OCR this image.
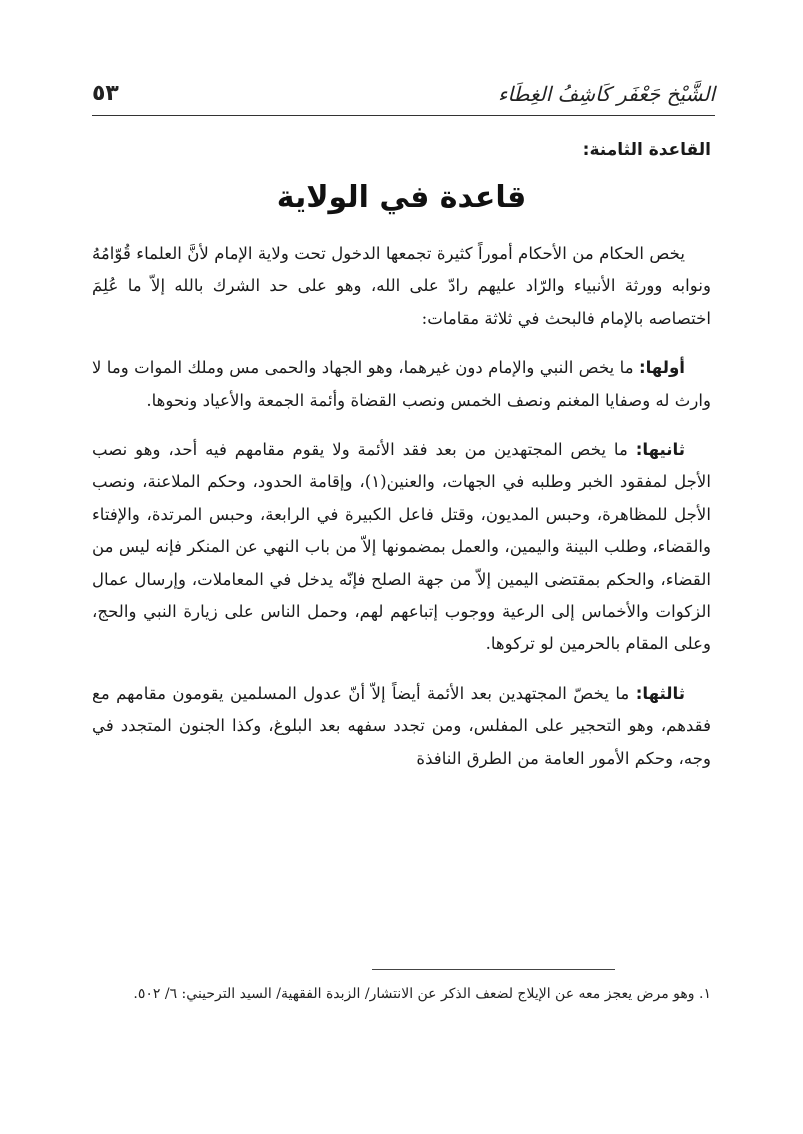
الشَّيْخ جَعْفَر كَاشِفُ الغِطَاء
٥٣
القاعدة الثامنة:
قاعدة في الولاية

يخص الحكام من الأحكام أموراً كثيرة تجمعها الدخول تحت ولاية الإمام لأنَّ العلماء قُوّامُهُ ونوابه وورثة الأنبياء والرّاد عليهم رادّ على الله، وهو على حد الشرك بالله إلاّ ما عُلِمَ اختصاصه بالإمام فالبحث في ثلاثة مقامات:

أولها: ما يخص النبي والإمام دون غيرهما، وهو الجهاد والحمى مس وملك الموات وما لا وارث له وصفايا المغنم ونصف الخمس ونصب القضاة وأئمة الجمعة والأعياد ونحوها.

ثانيها: ما يخص المجتهدين من بعد فقد الأئمة ولا يقوم مقامهم فيه أحد، وهو نصب الأجل لمفقود الخبر وطلبه في الجهات، والعنين(١)، وإقامة الحدود، وحكم الملاعنة، ونصب الأجل للمظاهرة، وحبس المديون، وقتل فاعل الكبيرة في الرابعة، وحبس المرتدة، والإفتاء والقضاء، وطلب البينة واليمين، والعمل بمضمونها إلاّ من باب النهي عن المنكر فإنه ليس من القضاء، والحكم بمقتضى اليمين إلاّ من جهة الصلح فإنّه يدخل في المعاملات، وإرسال عمال الزكوات والأخماس إلى الرعية ووجوب إتباعهم لهم، وحمل الناس على زيارة النبي والحج، وعلى المقام بالحرمين لو تركوها.

ثالثها: ما يخصّ المجتهدين بعد الأئمة أيضاً إلاّ أنّ عدول المسلمين يقومون مقامهم مع فقدهم، وهو التحجير على المفلس، ومن تجدد سفهه بعد البلوغ، وكذا الجنون المتجدد في وجه، وحكم الأمور العامة من الطرق النافذة

١. وهو مرض يعجز معه عن الإيلاج لضعف الذكر عن الانتشار/ الزبدة الفقهية/ السيد الترحيني: ٦/ ٥٠٢.
